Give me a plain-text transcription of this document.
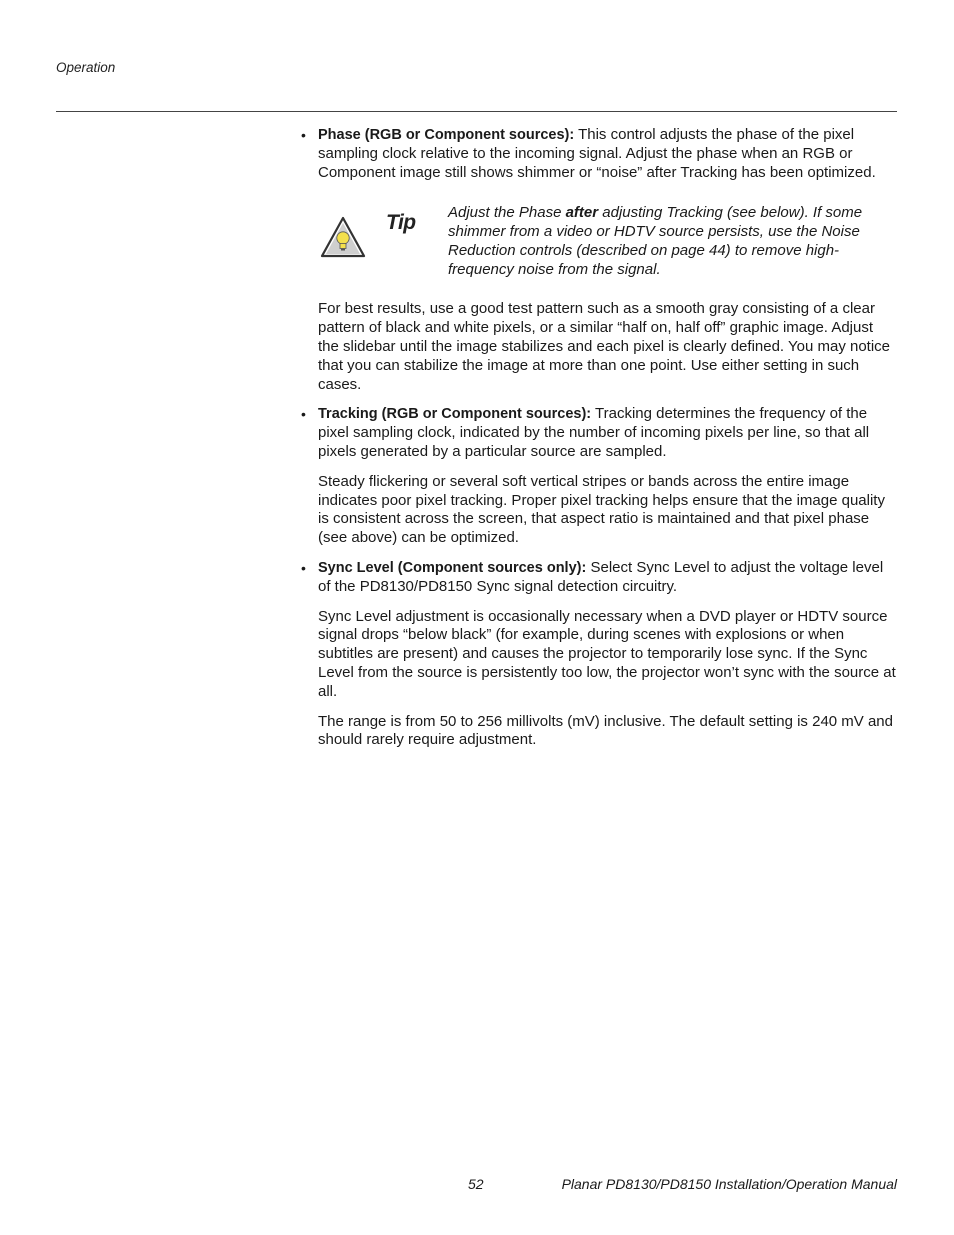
Operation
• Phase (RGB or Component sources): This control adjusts the phase of the pixel sampling clock relative to the incoming signal. Adjust the phase when an RGB or Component image still shows shimmer or “noise” after Tracking has been optimized.
Tip Adjust the Phase after adjusting Tracking (see below). If some shimmer from a video or HDTV source persists, use the Noise Reduction controls (described on page 44) to remove high-frequency noise from the signal.

For best results, use a good test pattern such as a smooth gray consisting of a clear pattern of black and white pixels, or a similar “half on, half off” graphic image. Adjust the slidebar until the image stabilizes and each pixel is clearly defined. You may notice that you can stabilize the image at more than one point. Use either setting in such cases.

• Tracking (RGB or Component sources): Tracking determines the frequency of the pixel sampling clock, indicated by the number of incoming pixels per line, so that all pixels generated by a particular source are sampled.

Steady flickering or several soft vertical stripes or bands across the entire image indicates poor pixel tracking. Proper pixel tracking helps ensure that the image quality is consistent across the screen, that aspect ratio is maintained and that pixel phase (see above) can be optimized.

• Sync Level (Component sources only): Select Sync Level to adjust the voltage level of the PD8130/PD8150 Sync signal detection circuitry.

Sync Level adjustment is occasionally necessary when a DVD player or HDTV source signal drops “below black” (for example, during scenes with explosions or when subtitles are present) and causes the projector to temporarily lose sync. If the Sync Level from the source is persistently too low, the projector won’t sync with the source at all.

The range is from 50 to 256 millivolts (mV) inclusive. The default setting is 240 mV and should rarely require adjustment.

52	Planar PD8130/PD8150 Installation/Operation Manual
